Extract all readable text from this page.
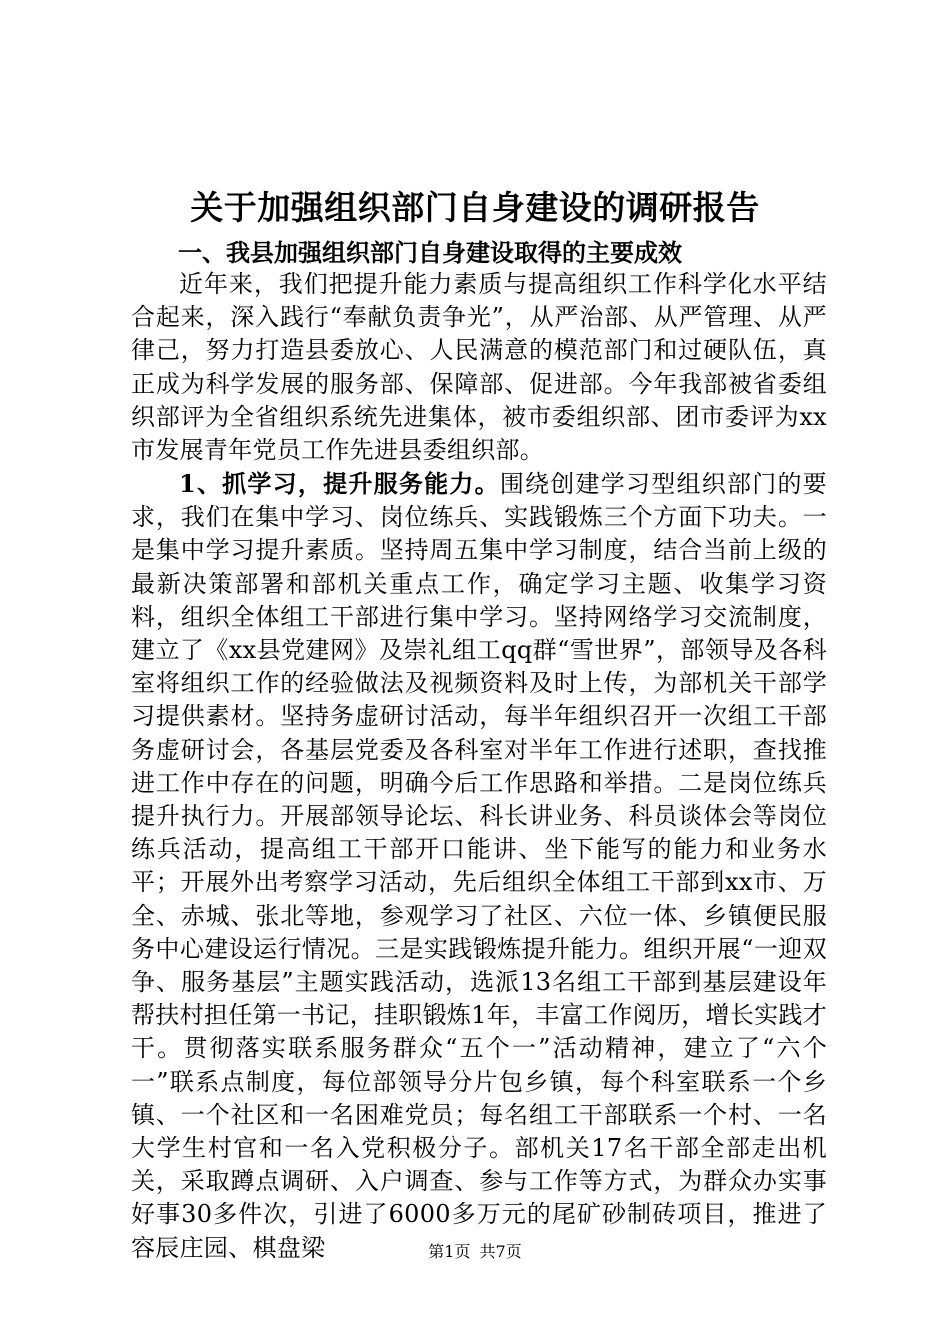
关于加强组织部门自身建设的调研报告
一、我县加强组织部门自身建设取得的主要成效

近年来，我们把提升能力素质与提高组织工作科学化水平结合起来，深入践行“奉献负责争光”，从严治部、从严管理、从严律己，努力打造县委放心、人民满意的模范部门和过硬队伍，真正成为科学发展的服务部、保障部、促进部。今年我部被省委组织部评为全省组织系统先进集体，被市委组织部、团市委评为xx市发展青年党员工作先进县委组织部。

1、抓学习，提升服务能力。围绕创建学习型组织部门的要求，我们在集中学习、岗位练兵、实践锻炼三个方面下功夫。一是集中学习提升素质。坚持周五集中学习制度，结合当前上级的最新决策部署和部机关重点工作，确定学习主题、收集学习资料，组织全体组工干部进行集中学习。坚持网络学习交流制度，建立了《xx县党建网》及崇礼组工qq群“雪世界”，部领导及各科室将组织工作的经验做法及视频资料及时上传，为部机关干部学习提供素材。坚持务虚研讨活动，每半年组织召开一次组工干部务虚研讨会，各基层党委及各科室对半年工作进行述职，查找推进工作中存在的问题，明确今后工作思路和举措。二是岗位练兵提升执行力。开展部领导论坛、科长讲业务、科员谈体会等岗位练兵活动，提高组工干部开口能讲、坐下能写的能力和业务水平；开展外出考察学习活动，先后组织全体组工干部到xx市、万全、赤城、张北等地，参观学习了社区、六位一体、乡镇便民服务中心建设运行情况。三是实践锻炼提升能力。组织开展“一迎双争、服务基层”主题实践活动，选派13名组工干部到基层建设年帮扶村担任第一书记，挂职锻炼1年，丰富工作阅历，增长实践才干。贯彻落实联系服务群众“五个一”活动精神，建立了“六个一”联系点制度，每位部领导分片包乡镇，每个科室联系一个乡镇、一个社区和一名困难党员；每名组工干部联系一个村、一名大学生村官和一名入党积极分子。部机关17名干部全部走出机关，采取蹲点调研、入户调查、参与工作等方式，为群众办实事好事30多件次，引进了6000多万元的尾矿砂制砖项目，推进了容辰庄园、棋盘梁	第1页 共7页
